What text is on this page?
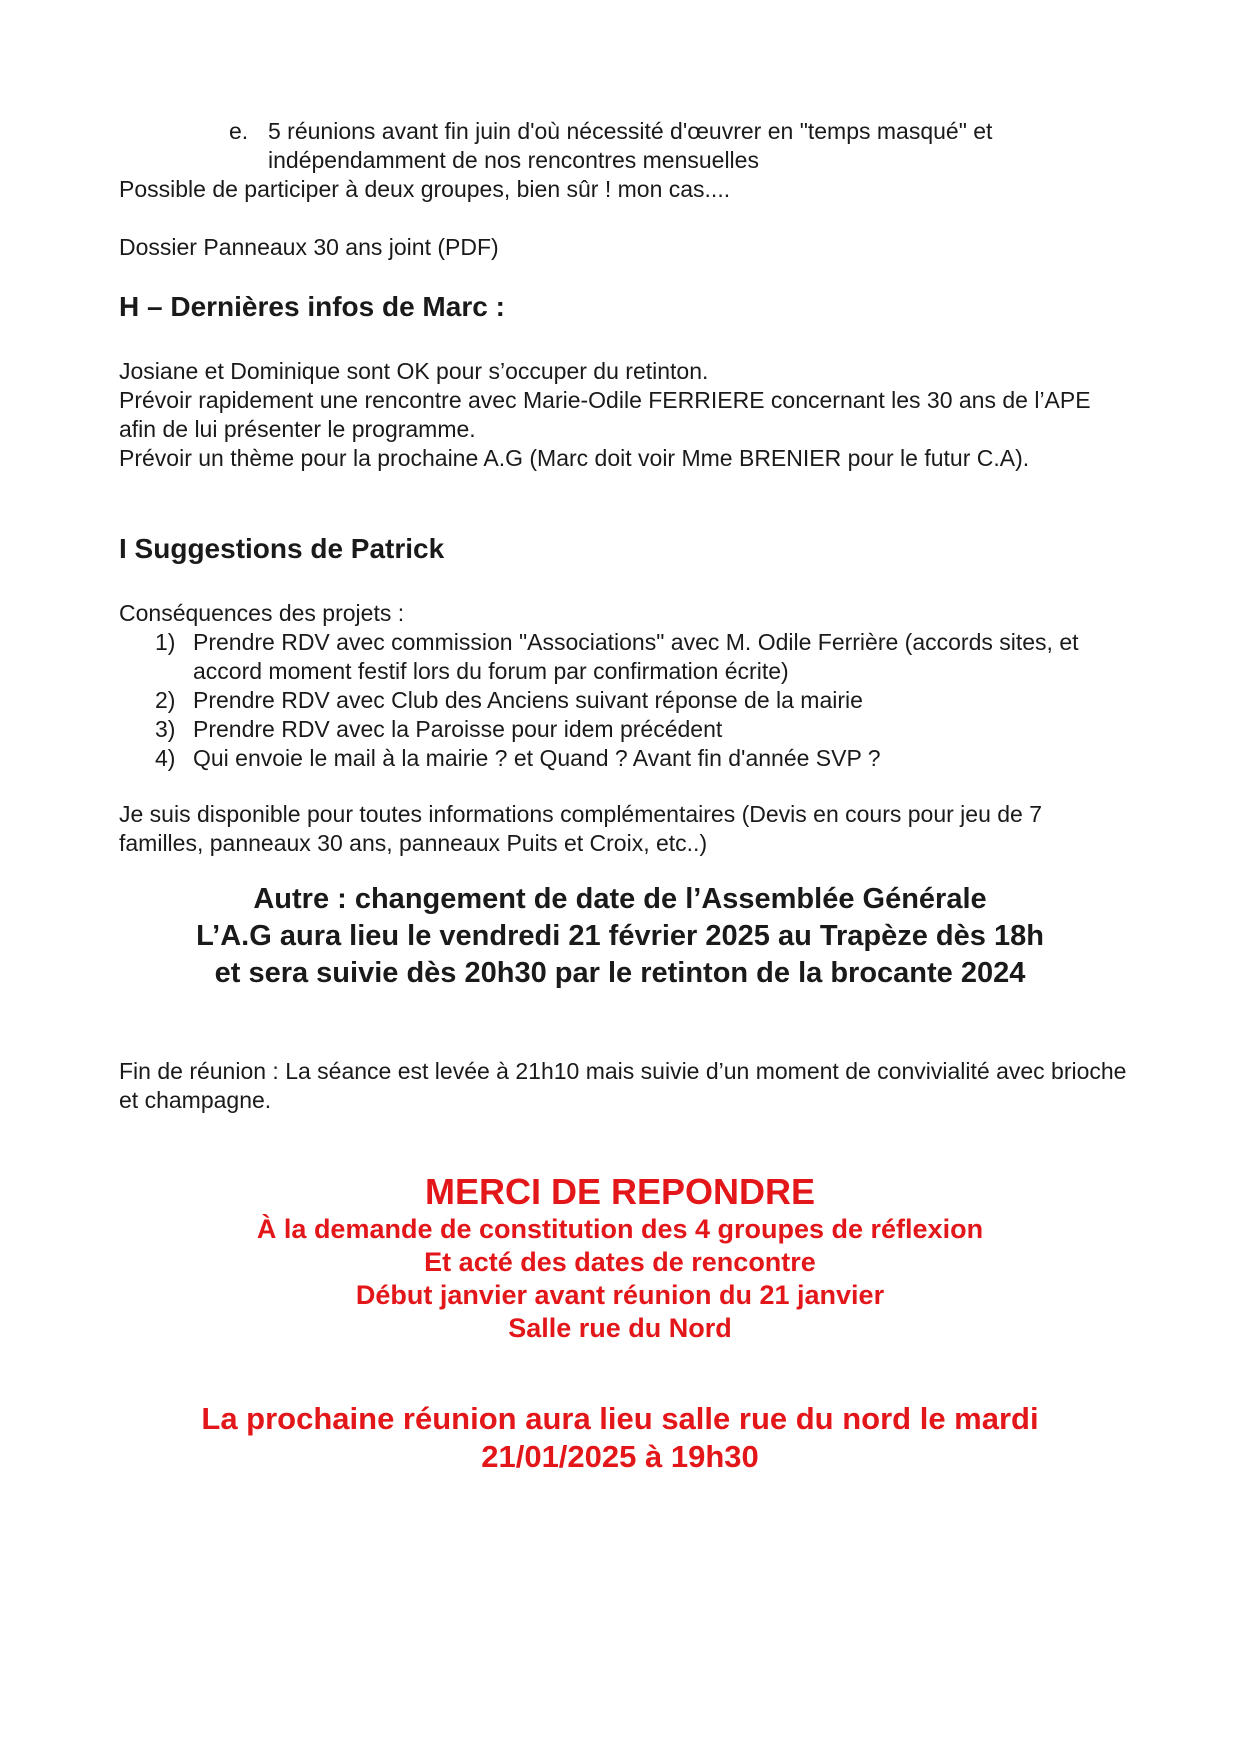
e. 5 réunions avant fin juin d'où nécessité d'œuvrer en "temps masqué" et indépendamment de nos rencontres mensuelles
Possible de participer à deux groupes, bien sûr ! mon cas....
Dossier Panneaux 30 ans joint (PDF)
H – Dernières infos de Marc :
Josiane et Dominique sont OK pour s’occuper du retinton.
Prévoir rapidement une rencontre avec Marie-Odile FERRIERE concernant les 30 ans de l’APE afin de lui présenter le programme.
Prévoir un thème pour la prochaine A.G (Marc doit voir Mme BRENIER pour le futur C.A).
I Suggestions de Patrick
Conséquences des projets :
1) Prendre RDV avec commission "Associations" avec M. Odile Ferrière (accords sites, et accord moment festif lors du forum par confirmation écrite)
2) Prendre RDV avec Club des Anciens suivant réponse de la mairie
3) Prendre RDV avec la Paroisse pour idem précédent
4) Qui envoie le mail à la mairie ? et Quand ? Avant fin d'année SVP ?
Je suis disponible pour toutes informations complémentaires (Devis en cours pour jeu de 7 familles, panneaux 30 ans, panneaux Puits et Croix, etc..)
Autre : changement de date de l’Assemblée Générale
L’A.G aura lieu le vendredi 21 février 2025 au Trapèze dès 18h
et sera suivie dès 20h30 par le retinton de la brocante 2024
Fin de réunion : La séance est levée à 21h10 mais suivie d’un moment de convivialité avec brioche et champagne.
MERCI DE REPONDRE
À la demande de constitution des 4 groupes de réflexion
Et acté des dates de rencontre
Début janvier avant réunion du 21 janvier
Salle rue du Nord
La prochaine réunion aura lieu salle rue du nord le mardi
21/01/2025 à 19h30
